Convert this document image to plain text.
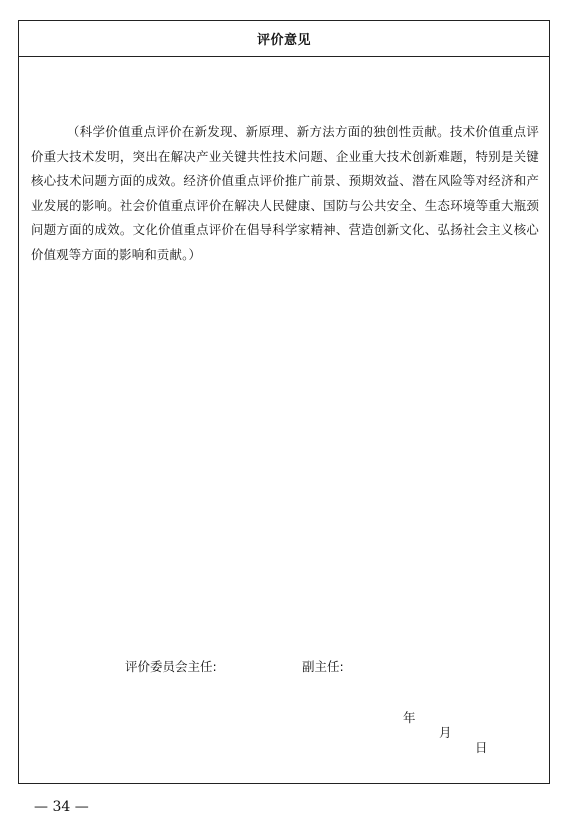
评价意见
（科学价值重点评价在新发现、新原理、新方法方面的独创性贡献。技术价值重点评价重大技术发明，突出在解决产业关键共性技术问题、企业重大技术创新难题，特别是关键核心技术问题方面的成效。经济价值重点评价推广前景、预期效益、潜在风险等对经济和产业发展的影响。社会价值重点评价在解决人民健康、国防与公共安全、生态环境等重大瓶颈问题方面的成效。文化价值重点评价在倡导科学家精神、营造创新文化、弘扬社会主义核心价值观等方面的影响和贡献。）
评价委员会主任:	副主任:

年

月

日

— 34 —
